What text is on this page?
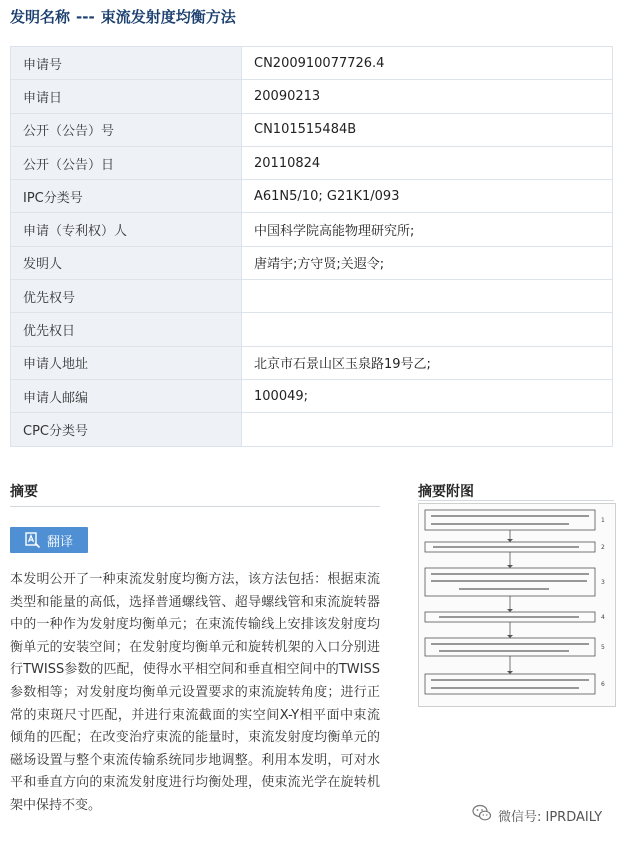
发明名称 --- 束流发射度均衡方法
申请号	CN200910077726.4
申请日	20090213
公开（公告）号	CN101515484B
公开（公告）日	20110824
IPC分类号	A61N5/10; G21K1/093
申请（专利权）人	中国科学院高能物理研究所;
发明人	唐靖宇;方守贤;关遐令;
优先权号	
优先权日	
申请人地址	北京市石景山区玉泉路19号乙;
申请人邮编	100049;
CPC分类号	
摘要
翻译

本发明公开了一种束流发射度均衡方法，该方法包括：根据束流类型和能量的高低，选择普通螺线管、超导螺线管和束流旋转器中的一种作为发射度均衡单元；在束流传输线上安排该发射度均衡单元的安装空间；在发射度均衡单元和旋转机架的入口分别进行TWISS参数的匹配，使得水平相空间和垂直相空间中的TWISS参数相等；对发射度均衡单元设置要求的束流旋转角度；进行正常的束斑尺寸匹配，并进行束流截面的实空间X-Y相平面中束流倾角的匹配；在改变治疗束流的能量时，束流发射度均衡单元的磁场设置与整个束流传输系统同步地调整。利用本发明，可对水平和垂直方向的束流发射度进行均衡处理，使束流光学在旋转机架中保持不变。

摘要附图
1
2
3
4
5
6
微信号: IPRDAILY
